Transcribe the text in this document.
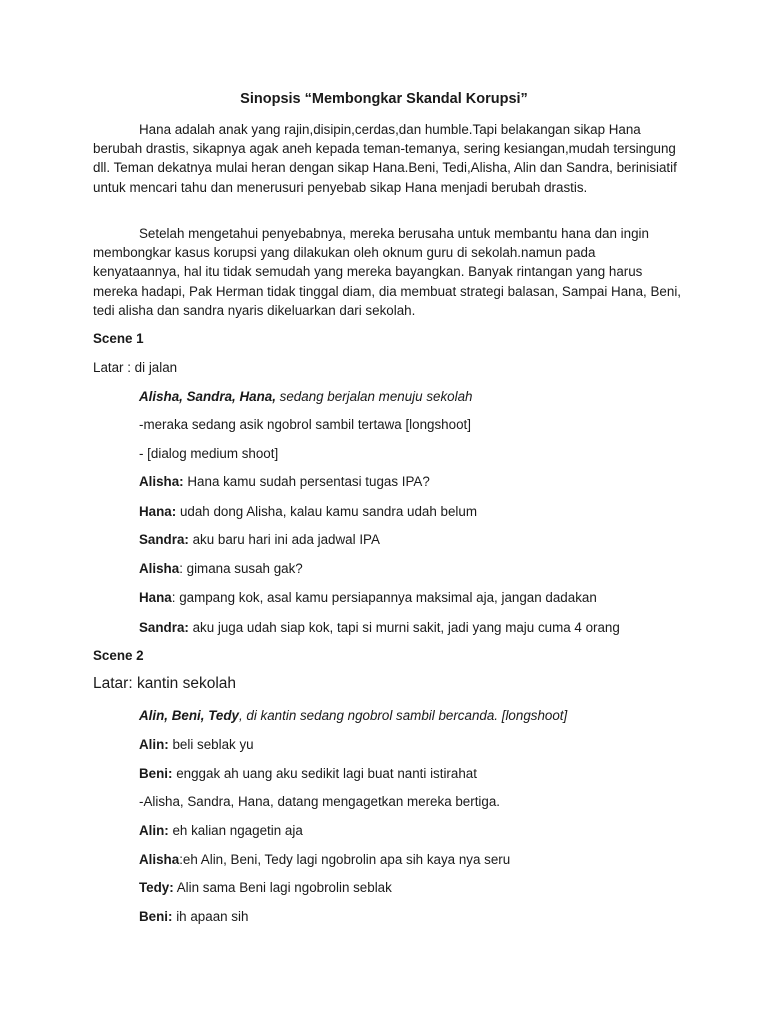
Sinopsis “Membongkar Skandal Korupsi”
Hana adalah anak yang rajin,disipin,cerdas,dan humble.Tapi belakangan sikap Hana berubah drastis, sikapnya agak aneh kepada teman-temanya, sering kesiangan,mudah tersingung dll. Teman dekatnya mulai heran dengan sikap Hana.Beni, Tedi,Alisha, Alin dan Sandra, berinisiatif untuk mencari tahu dan menerusuri penyebab sikap Hana menjadi berubah drastis.
Setelah mengetahui penyebabnya, mereka berusaha untuk membantu hana dan ingin membongkar kasus korupsi yang dilakukan oleh oknum guru di sekolah.namun pada kenyataannya, hal itu tidak semudah yang mereka bayangkan. Banyak rintangan yang harus mereka hadapi, Pak Herman tidak tinggal diam, dia membuat strategi balasan, Sampai Hana, Beni, tedi alisha dan sandra nyaris dikeluarkan dari sekolah.
Scene 1
Latar : di jalan
Alisha, Sandra, Hana, sedang berjalan menuju sekolah
-meraka sedang asik ngobrol sambil tertawa [longshoot]
- [dialog medium shoot]
Alisha: Hana kamu sudah persentasi tugas IPA?
Hana: udah dong Alisha, kalau kamu sandra udah belum
Sandra: aku baru hari ini ada jadwal IPA
Alisha: gimana susah gak?
Hana: gampang kok, asal kamu persiapannya maksimal aja, jangan dadakan
Sandra: aku juga udah siap kok, tapi si murni sakit, jadi yang maju cuma 4 orang
Scene 2
Latar: kantin sekolah
Alin, Beni, Tedy, di kantin sedang ngobrol sambil bercanda. [longshoot]
Alin: beli seblak yu
Beni: enggak ah uang aku sedikit lagi buat nanti istirahat
-Alisha, Sandra, Hana, datang mengagetkan mereka bertiga.
Alin: eh kalian ngagetin aja
Alisha:eh Alin, Beni, Tedy lagi ngobrolin apa sih kaya nya seru
Tedy: Alin sama Beni lagi ngobrolin seblak
Beni: ih apaan sih
